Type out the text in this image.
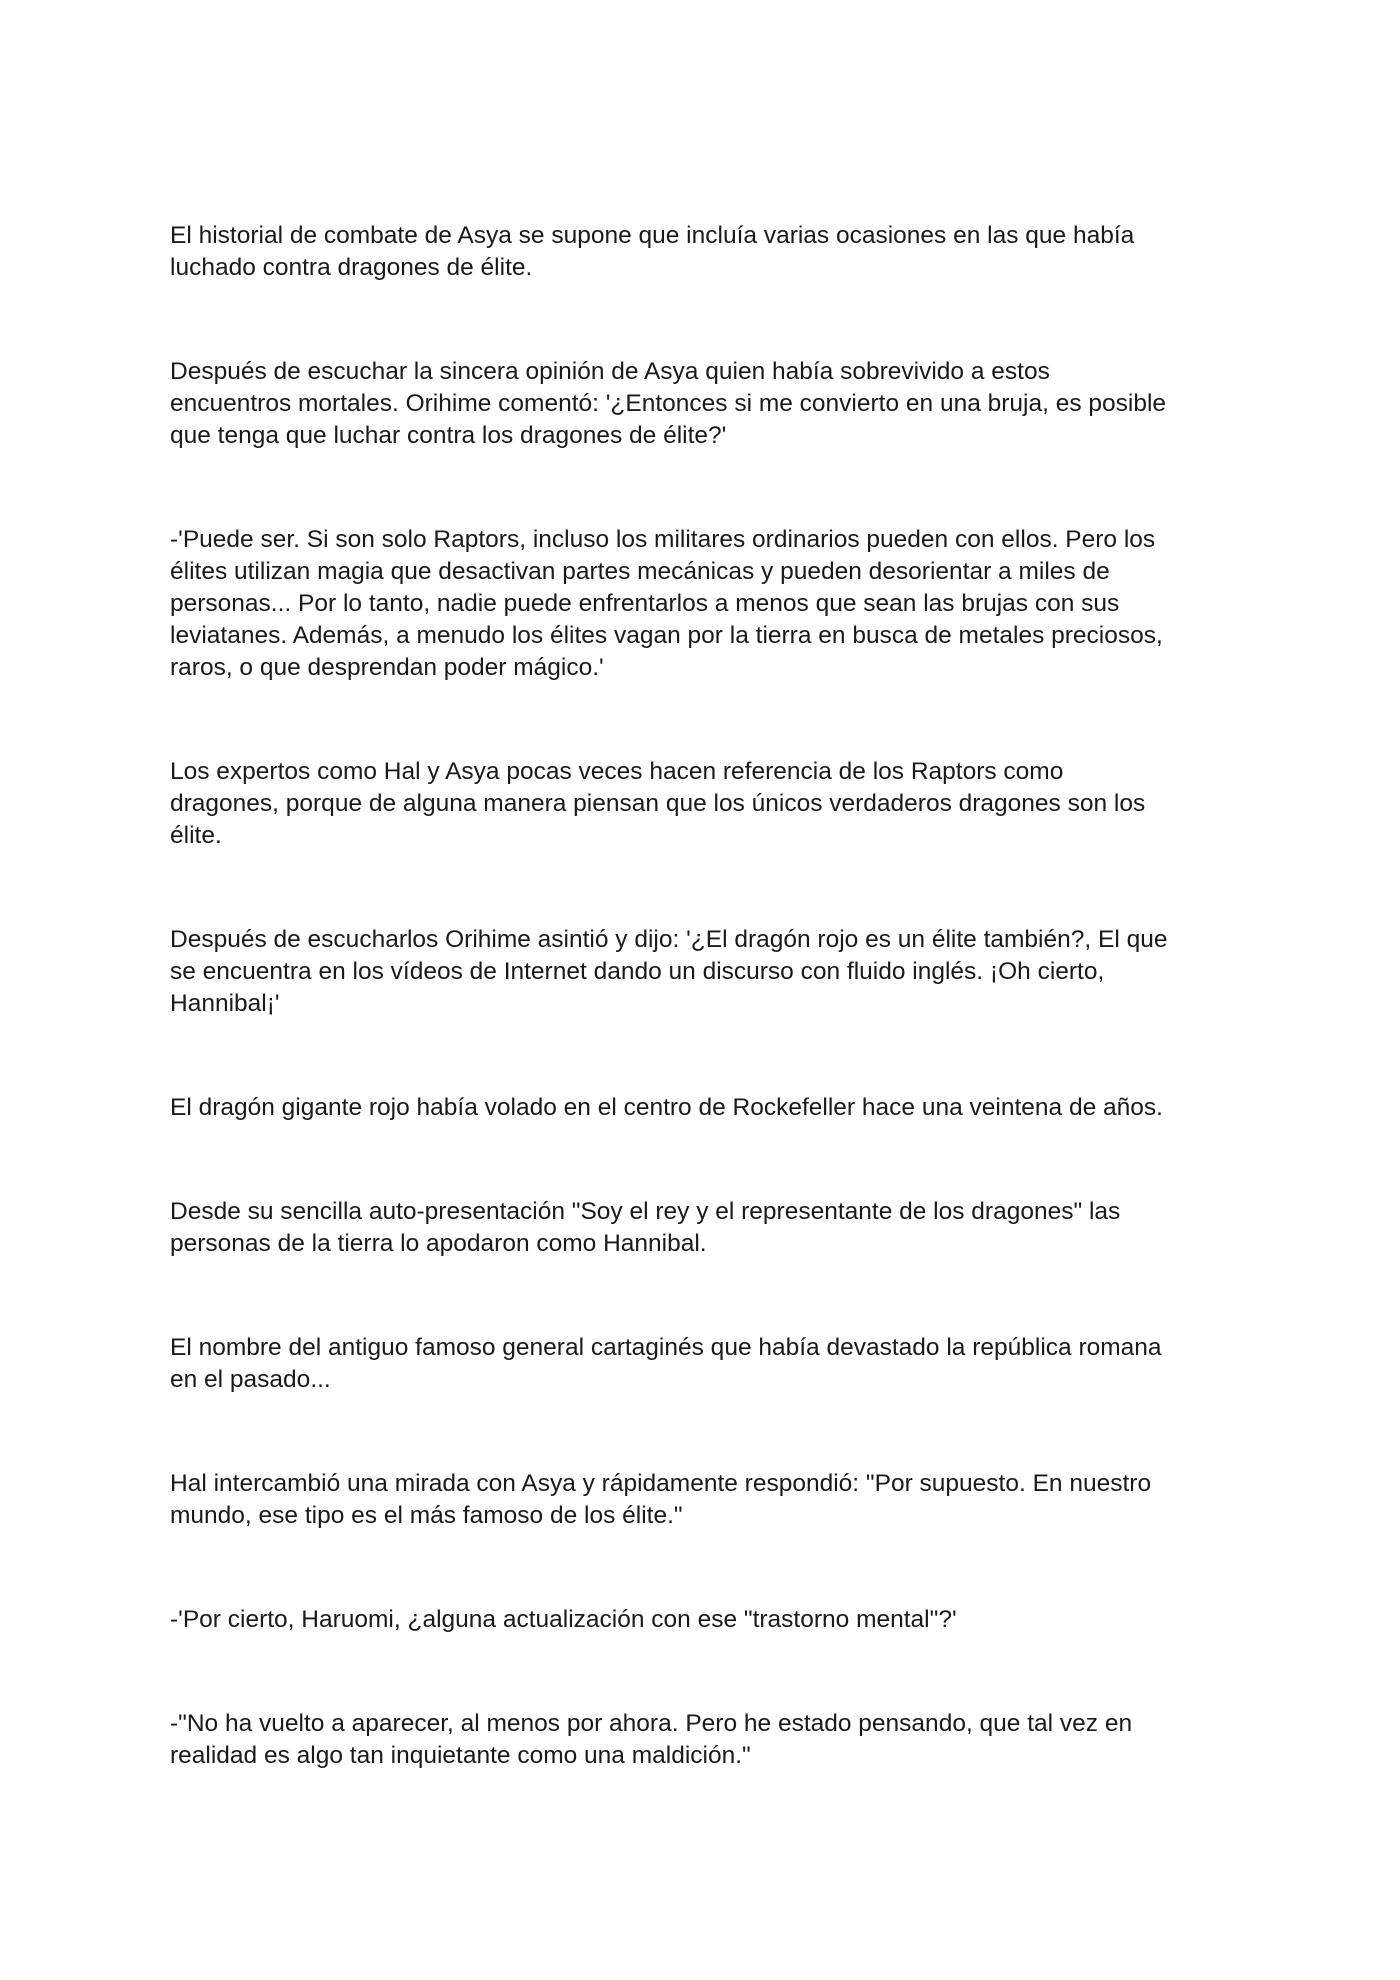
El historial de combate de Asya se supone que incluía varias ocasiones en las que había
luchado contra dragones de élite.

Después de escuchar la sincera opinión de Asya quien había sobrevivido a estos
encuentros mortales. Orihime comentó: '¿Entonces si me convierto en una bruja, es posible
que tenga que luchar contra los dragones de élite?'

-'Puede ser. Si son solo Raptors, incluso los militares ordinarios pueden con ellos. Pero los
élites utilizan magia que desactivan partes mecánicas y pueden desorientar a miles de
personas... Por lo tanto, nadie puede enfrentarlos a menos que sean las brujas con sus
leviatanes. Además, a menudo los élites vagan por la tierra en busca de metales preciosos,
raros, o que desprendan poder mágico.'

Los expertos como Hal y Asya pocas veces hacen referencia de los Raptors como
dragones, porque de alguna manera piensan que los únicos verdaderos dragones son los
élite.

Después de escucharlos Orihime asintió y dijo: '¿El dragón rojo es un élite también?, El que
se encuentra en los vídeos de Internet dando un discurso con fluido inglés. ¡Oh cierto,
Hannibal¡'

El dragón gigante rojo había volado en el centro de Rockefeller hace una veintena de años.

Desde su sencilla auto-presentación "Soy el rey y el representante de los dragones" las
personas de la tierra lo apodaron como Hannibal.

El nombre del antiguo famoso general cartaginés que había devastado la república romana
en el pasado...

Hal intercambió una mirada con Asya y rápidamente respondió: "Por supuesto. En nuestro
mundo, ese tipo es el más famoso de los élite."

-'Por cierto, Haruomi, ¿alguna actualización con ese "trastorno mental"?'

-"No ha vuelto a aparecer, al menos por ahora. Pero he estado pensando, que tal vez en
realidad es algo tan inquietante como una maldición."
